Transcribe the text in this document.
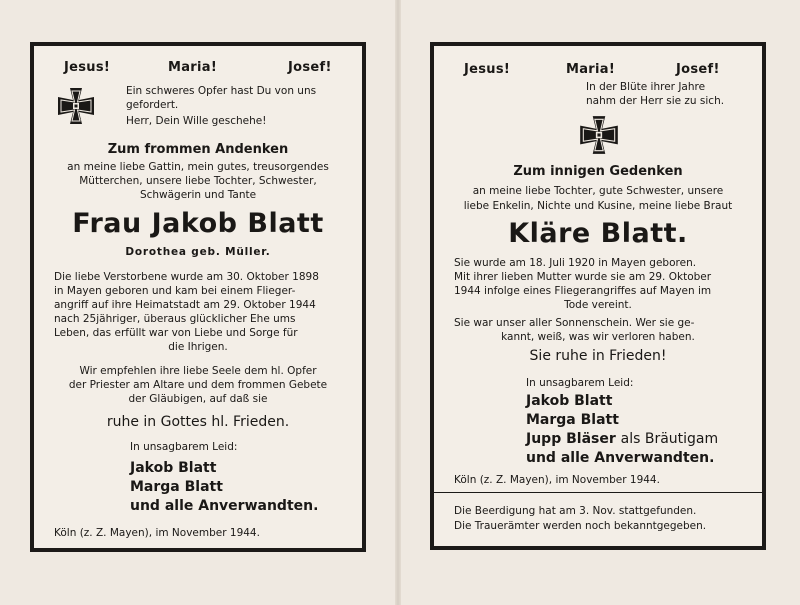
Jesus!	Maria!	Josef!
1939
Ein schweres Opfer hast Du von uns
gefordert.
Herr, Dein Wille geschehe!
Zum frommen Andenken
an meine liebe Gattin, mein gutes, treusorgendes
Mütterchen, unsere liebe Tochter, Schwester,
Schwägerin und Tante
Frau Jakob Blatt
Dorothea geb. Müller.
Die liebe Verstorbene wurde am 30. Oktober 1898
in Mayen geboren und kam bei einem Flieger-
angriff auf ihre Heimatstadt am 29. Oktober 1944
nach 25jähriger, überaus glücklicher Ehe ums
Leben, das erfüllt war von Liebe und Sorge für
die Ihrigen.
Wir empfehlen ihre liebe Seele dem hl. Opfer
der Priester am Altare und dem frommen Gebete
der Gläubigen, auf daß sie
ruhe in Gottes hl. Frieden.
In unsagbarem Leid:
Jakob Blatt
Marga Blatt
und alle Anverwandten.
Köln (z. Z. Mayen), im November 1944.
Jesus!	Maria!	Josef!
In der Blüte ihrer Jahre
nahm der Herr sie zu sich.
1939
Zum innigen Gedenken
an meine liebe Tochter, gute Schwester, unsere
liebe Enkelin, Nichte und Kusine, meine liebe Braut
Kläre Blatt.
Sie wurde am 18. Juli 1920 in Mayen geboren.
Mit ihrer lieben Mutter wurde sie am 29. Oktober
1944 infolge eines Fliegerangriffes auf Mayen im
Tode vereint.
Sie war unser aller Sonnenschein. Wer sie ge-
kannt, weiß, was wir verloren haben.
Sie ruhe in Frieden!
In unsagbarem Leid:
Jakob Blatt
Marga Blatt
Jupp Bläser als Bräutigam
und alle Anverwandten.
Köln (z. Z. Mayen), im November 1944.
Die Beerdigung hat am 3. Nov. stattgefunden.
Die Trauerämter werden noch bekanntgegeben.
